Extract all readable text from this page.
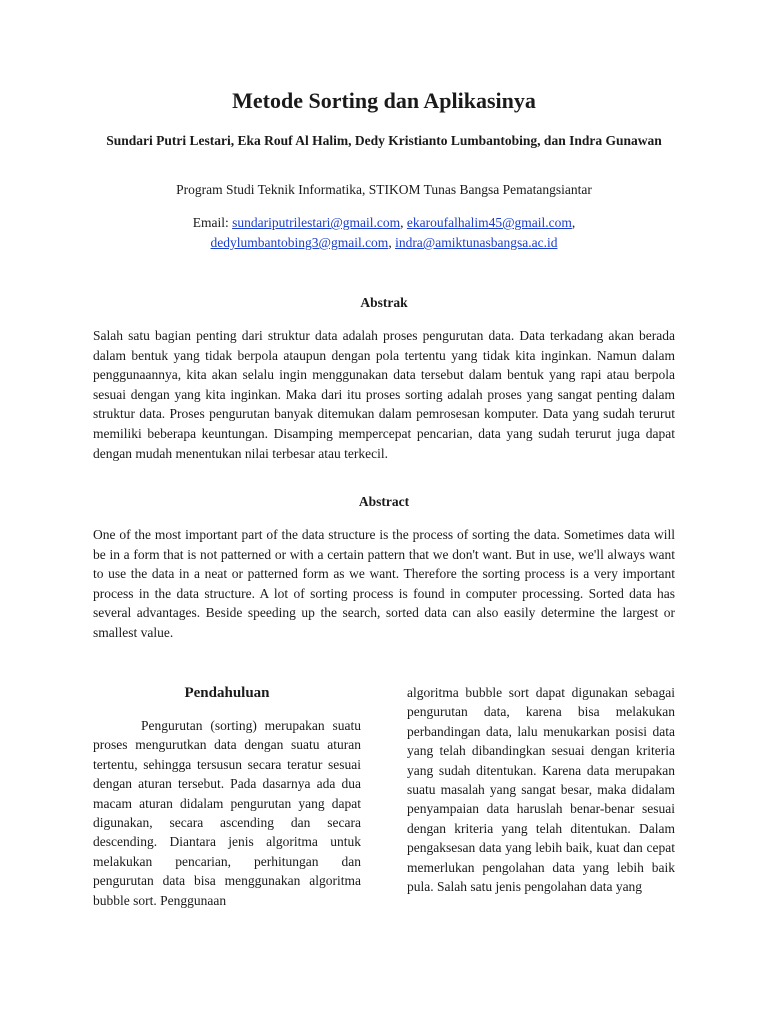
Metode Sorting dan Aplikasinya

Sundari Putri Lestari, Eka Rouf Al Halim, Dedy Kristianto Lumbantobing, dan Indra Gunawan

Program Studi Teknik Informatika, STIKOM Tunas Bangsa Pematangsiantar

Email: sundariputrilestari@gmail.com, ekaroufalhalim45@gmail.com,
dedylumbantobing3@gmail.com, indra@amiktunasbangsa.ac.id

Abstrak

Salah satu bagian penting dari struktur data adalah proses pengurutan data. Data terkadang akan berada dalam bentuk yang tidak berpola ataupun dengan pola tertentu yang tidak kita inginkan. Namun dalam penggunaannya, kita akan selalu ingin menggunakan data tersebut dalam bentuk yang rapi atau berpola sesuai dengan yang kita inginkan. Maka dari itu proses sorting adalah proses yang sangat penting dalam struktur data. Proses pengurutan banyak ditemukan dalam pemrosesan komputer. Data yang sudah terurut memiliki beberapa keuntungan. Disamping mempercepat pencarian, data yang sudah terurut juga dapat dengan mudah menentukan nilai terbesar atau terkecil.

Abstract

One of the most important part of the data structure is the process of sorting the data. Sometimes data will be in a form that is not patterned or with a certain pattern that we don't want. But in use, we'll always want to use the data in a neat or patterned form as we want. Therefore the sorting process is a very important process in the data structure. A lot of sorting process is found in computer processing. Sorted data has several advantages. Beside speeding up the search, sorted data can also easily determine the largest or smallest value.

Pendahuluan

Pengurutan (sorting) merupakan suatu proses mengurutkan data dengan suatu aturan tertentu, sehingga tersusun secara teratur sesuai dengan aturan tersebut. Pada dasarnya ada dua macam aturan didalam pengurutan yang dapat digunakan, secara ascending dan secara descending. Diantara jenis algoritma untuk melakukan pencarian, perhitungan dan pengurutan data bisa menggunakan algoritma bubble sort. Penggunaan

algoritma bubble sort dapat digunakan sebagai pengurutan data, karena bisa melakukan perbandingan data, lalu menukarkan posisi data yang telah dibandingkan sesuai dengan kriteria yang sudah ditentukan. Karena data merupakan suatu masalah yang sangat besar, maka didalam penyampaian data haruslah benar-benar sesuai dengan kriteria yang telah ditentukan. Dalam pengaksesan data yang lebih baik, kuat dan cepat memerlukan pengolahan data yang lebih baik pula. Salah satu jenis pengolahan data yang
